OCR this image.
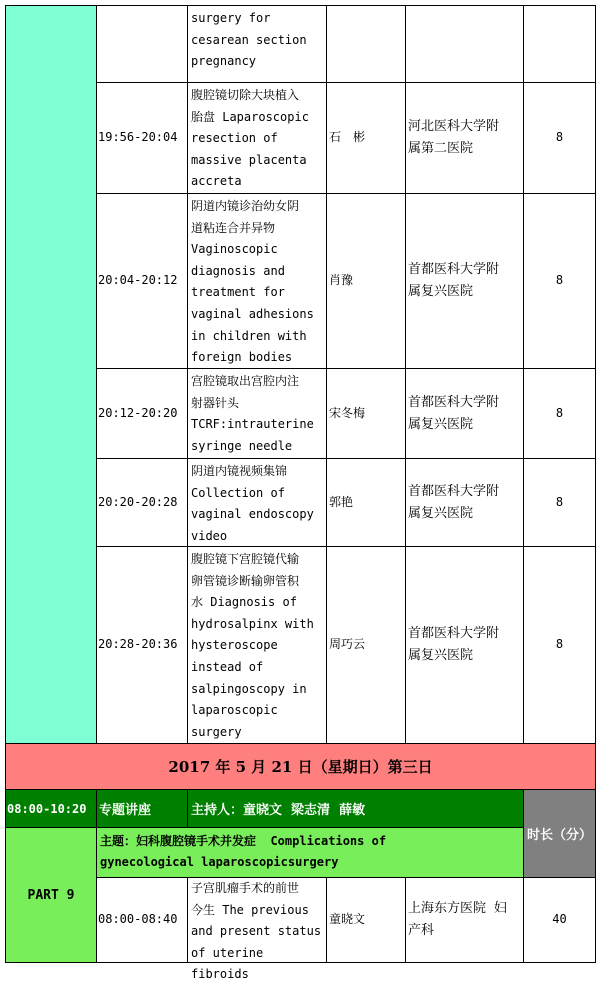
surgery for
cesarean section
pregnancy
19:56-20:04
腹腔镜切除大块植入
胎盘 Laparoscopic
resection of
massive placenta
accreta
石　彬
河北医科大学附
属第二医院
8
20:04-20:12
阴道内镜诊治幼女阴
道粘连合并异物
Vaginoscopic
diagnosis and
treatment for
vaginal adhesions
in children with
foreign bodies
肖豫
首都医科大学附
属复兴医院
8
20:12-20:20
宫腔镜取出宫腔内注
射器针头
TCRF:intrauterine
syringe needle
宋冬梅
首都医科大学附
属复兴医院
8
20:20-20:28
阴道内镜视频集锦
Collection of
vaginal endoscopy
video
郭艳
首都医科大学附
属复兴医院
8
20:28-20:36
腹腔镜下宫腔镜代输
卵管镜诊断输卵管积
水 Diagnosis of
hydrosalpinx with
hysteroscope
instead of
salpingoscopy in
laparoscopic
surgery
周巧云
首都医科大学附
属复兴医院
8
2017 年 5 月 21 日（星期日）第三日
08:00-10:20 专题讲座	主持人：童晓文  梁志清  薛敏
时长（分）
PART 9
主题：妇科腹腔镜手术并发症  Complications of
gynecological laparoscopicsurgery
08:00-08:40
子宫肌瘤手术的前世
今生 The previous
and present status
of uterine fibroids
童晓文
上海东方医院 妇
产科
40
